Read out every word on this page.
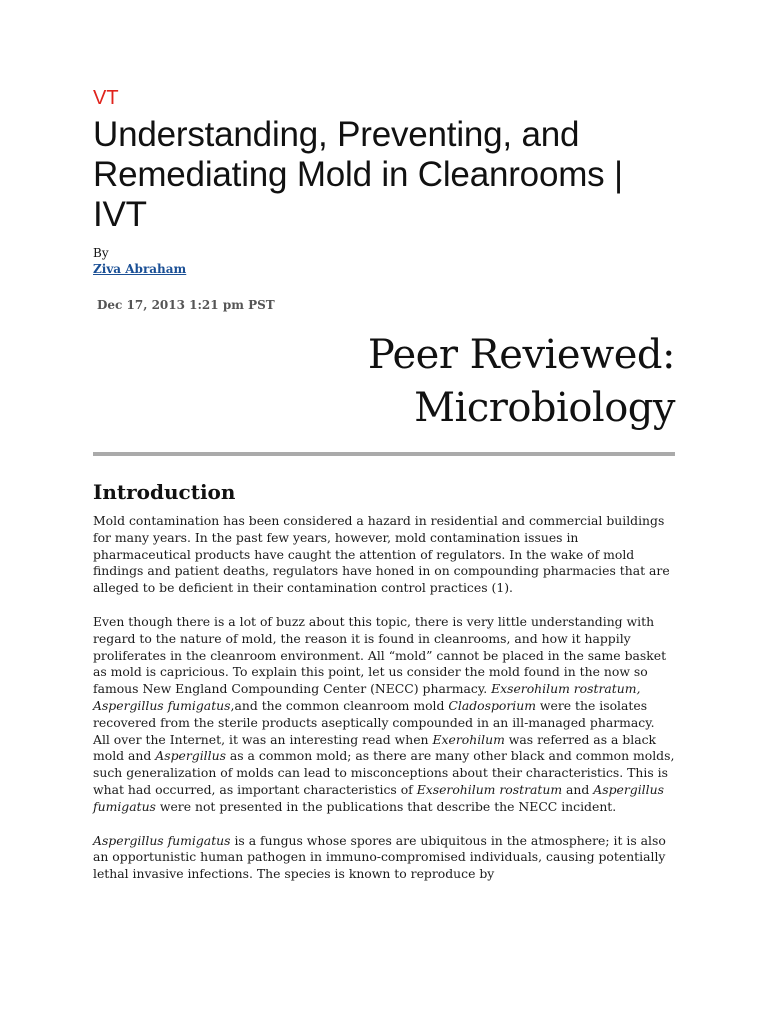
VT
Understanding, Preventing, and Remediating Mold in Cleanrooms | IVT
By
Ziva Abraham
Dec 17, 2013 1:21 pm PST
Peer Reviewed:
Microbiology
Introduction

Mold contamination has been considered a hazard in residential and commercial buildings for many years. In the past few years, however, mold contamination issues in pharmaceutical products have caught the attention of regulators. In the wake of mold findings and patient deaths, regulators have honed in on compounding pharmacies that are alleged to be deficient in their contamination control practices (1).

Even though there is a lot of buzz about this topic, there is very little understanding with regard to the nature of mold, the reason it is found in cleanrooms, and how it happily proliferates in the cleanroom environment. All “mold” cannot be placed in the same basket as mold is capricious. To explain this point, let us consider the mold found in the now so famous New England Compounding Center (NECC) pharmacy. Exserohilum rostratum, Aspergillus fumigatus,and the common cleanroom mold Cladosporium were the isolates recovered from the sterile products aseptically compounded in an ill-managed pharmacy. All over the Internet, it was an interesting read when Exerohilum was referred as a black mold and Aspergillus as a common mold; as there are many other black and common molds, such generalization of molds can lead to misconceptions about their characteristics. This is what had occurred, as important characteristics of Exserohilum rostratum and Aspergillus fumigatus were not presented in the publications that describe the NECC incident.

Aspergillus fumigatus is a fungus whose spores are ubiquitous in the atmosphere; it is also an opportunistic human pathogen in immuno-compromised individuals, causing potentially lethal invasive infections. The species is known to reproduce by
